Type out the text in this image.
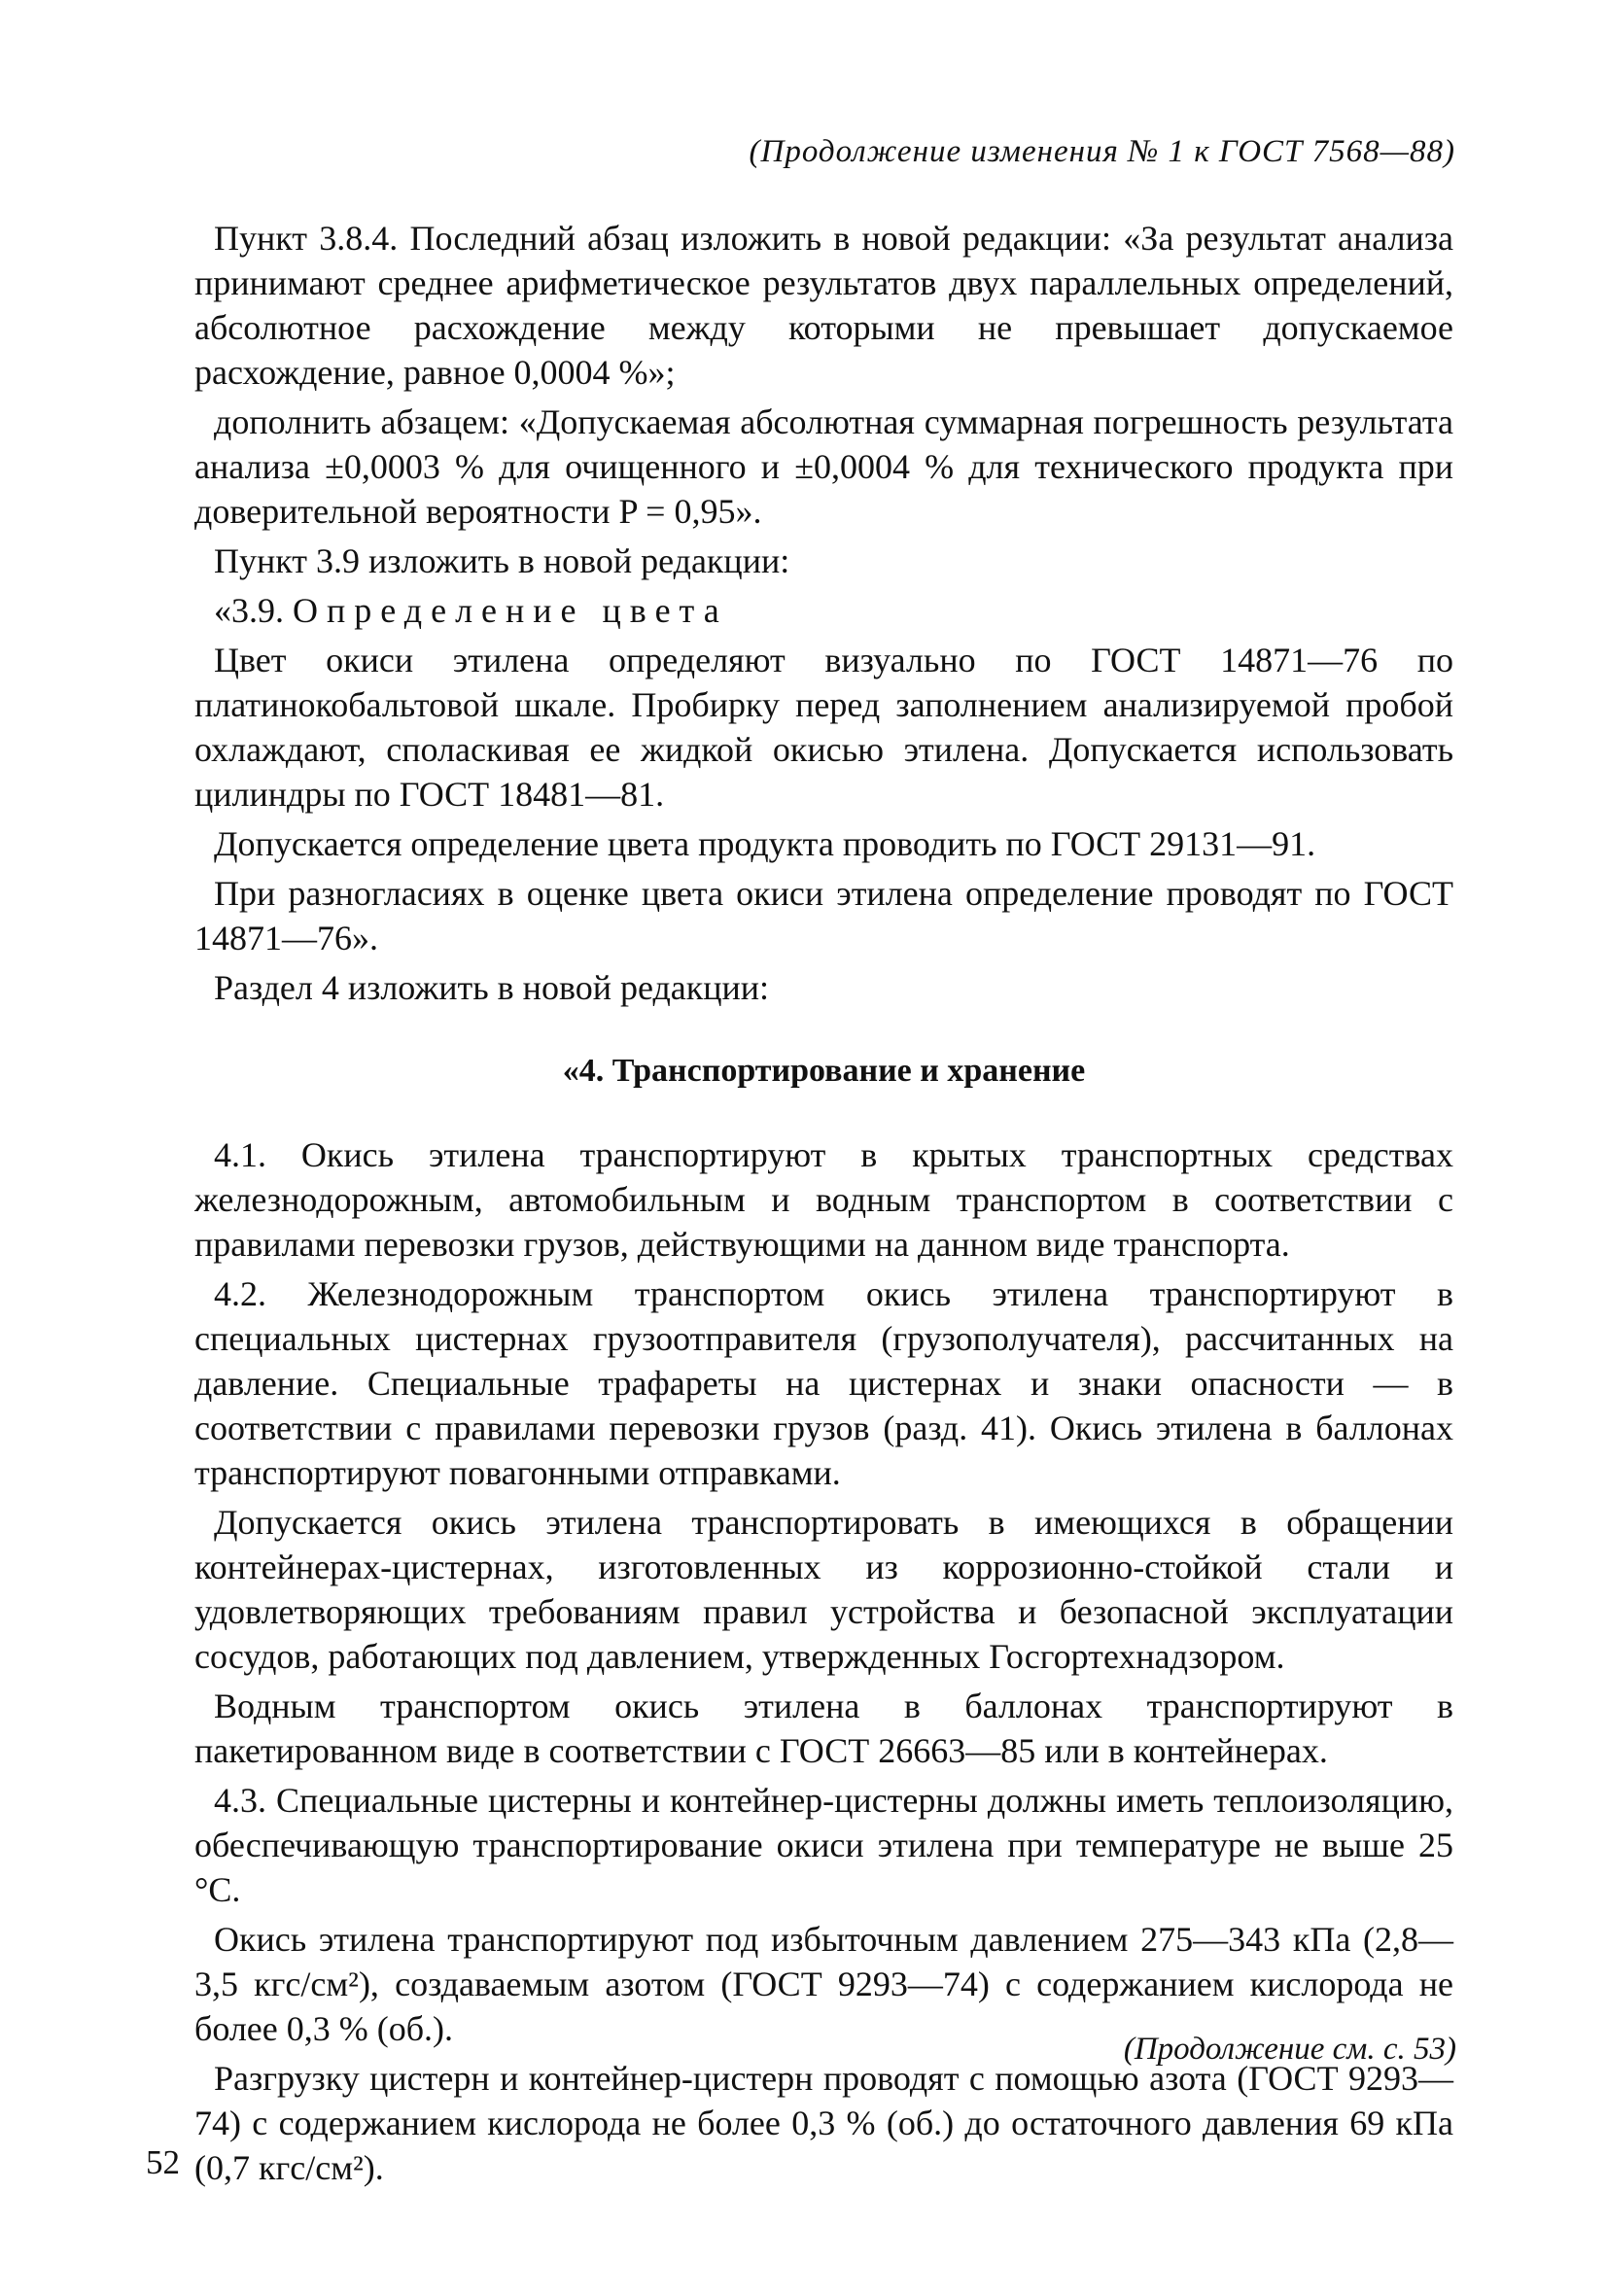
(Продолжение изменения № 1 к ГОСТ 7568—88)

Пункт 3.8.4. Последний абзац изложить в новой редакции: «За результат анализа принимают среднее арифметическое результатов двух параллельных определений, абсолютное расхождение между которыми не превышает допускаемое расхождение, равное 0,0004 %»;

дополнить абзацем: «Допускаемая абсолютная суммарная погрешность результата анализа ±0,0003 % для очищенного и ±0,0004 % для технического продукта при доверительной вероятности P = 0,95».

Пункт 3.9 изложить в новой редакции:

«3.9. Определение цвета

Цвет окиси этилена определяют визуально по ГОСТ 14871—76 по платинокобальтовой шкале. Пробирку перед заполнением анализируемой пробой охлаждают, споласкивая ее жидкой окисью этилена. Допускается использовать цилиндры по ГОСТ 18481—81.

Допускается определение цвета продукта проводить по ГОСТ 29131—91.

При разногласиях в оценке цвета окиси этилена определение проводят по ГОСТ 14871—76».

Раздел 4 изложить в новой редакции:

«4. Транспортирование и хранение

4.1. Окись этилена транспортируют в крытых транспортных средствах железнодорожным, автомобильным и водным транспортом в соответствии с правилами перевозки грузов, действующими на данном виде транспорта.

4.2. Железнодорожным транспортом окись этилена транспортируют в специальных цистернах грузоотправителя (грузополучателя), рассчитанных на давление. Специальные трафареты на цистернах и знаки опасности — в соответствии с правилами перевозки грузов (разд. 41). Окись этилена в баллонах транспортируют повагонными отправками.

Допускается окись этилена транспортировать в имеющихся в обращении контейнерах-цистернах, изготовленных из коррозионно-стойкой стали и удовлетворяющих требованиям правил устройства и безопасной эксплуатации сосудов, работающих под давлением, утвержденных Госгортехнадзором.

Водным транспортом окись этилена в баллонах транспортируют в пакетированном виде в соответствии с ГОСТ 26663—85 или в контейнерах.

4.3. Специальные цистерны и контейнер-цистерны должны иметь теплоизоляцию, обеспечивающую транспортирование окиси этилена при температуре не выше 25 °С.

Окись этилена транспортируют под избыточным давлением 275—343 кПа (2,8—3,5 кгс/см²), создаваемым азотом (ГОСТ 9293—74) с содержанием кислорода не более 0,3 % (об.).

Разгрузку цистерн и контейнер-цистерн проводят с помощью азота (ГОСТ 9293—74) с содержанием кислорода не более 0,3 % (об.) до остаточного давления 69 кПа (0,7 кгс/см²).

(Продолжение см. с. 53)
52
